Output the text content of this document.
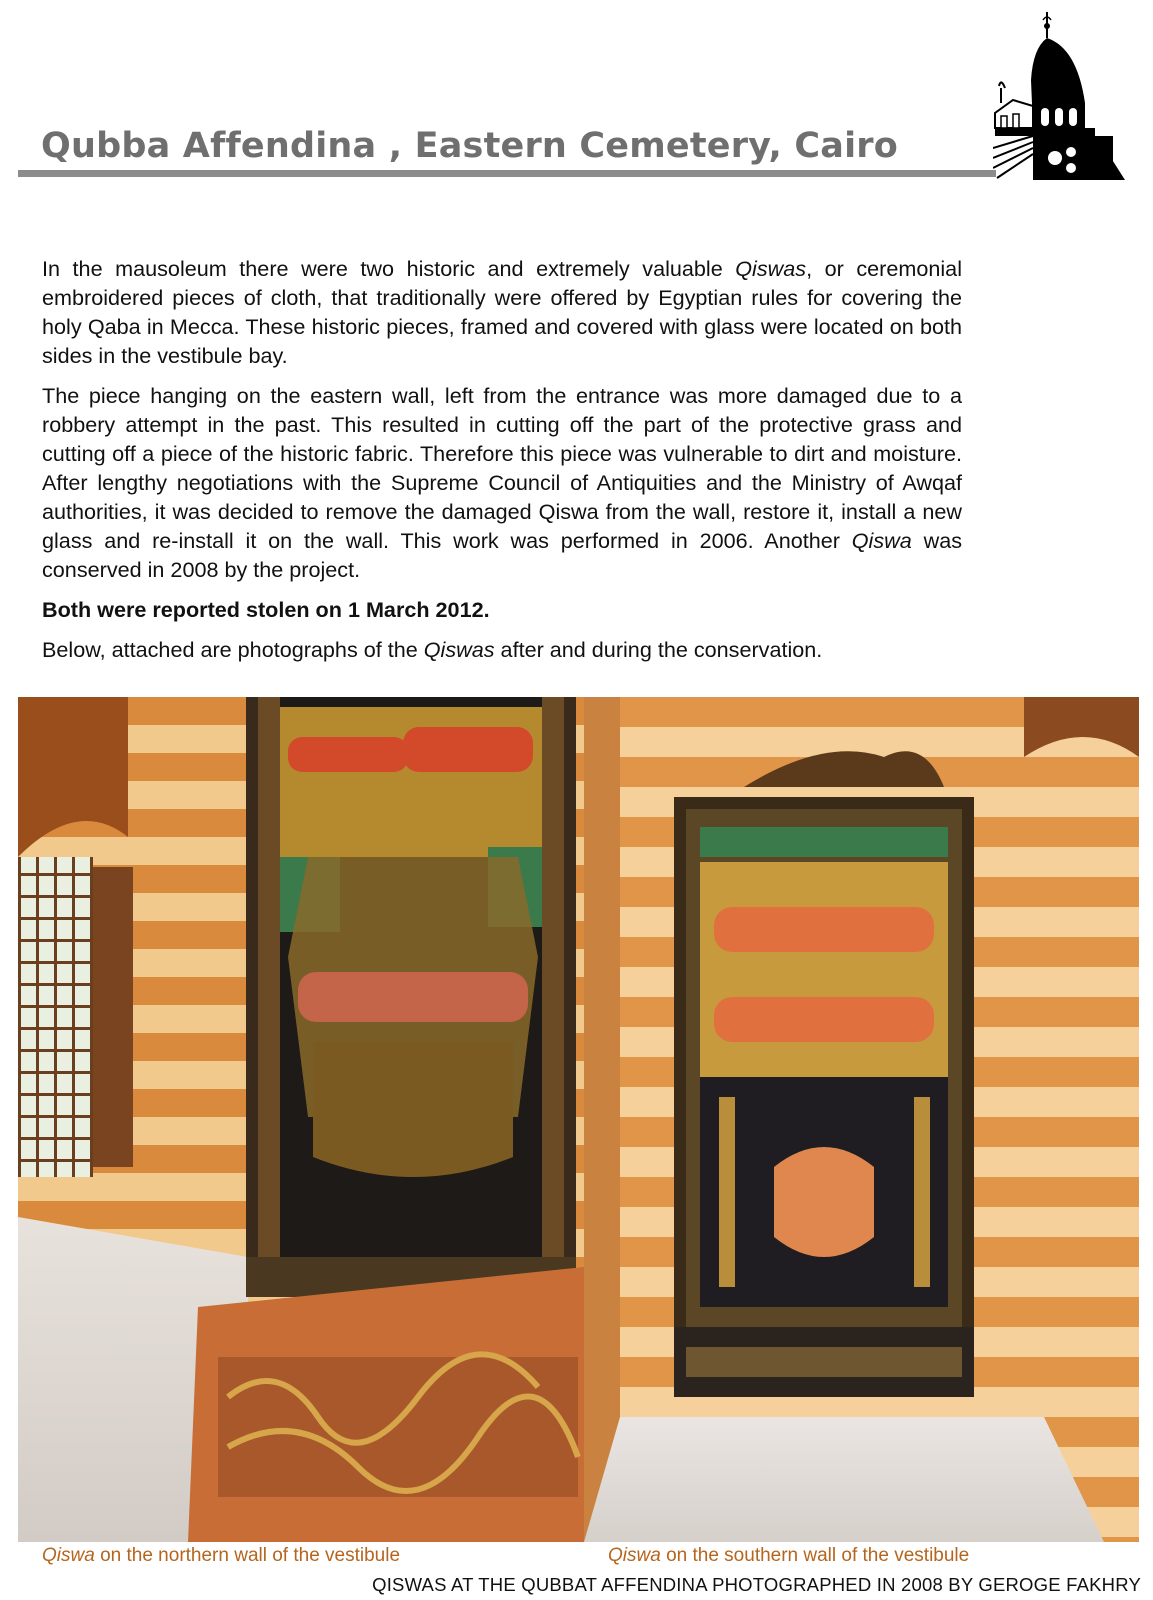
Qubba Affendina , Eastern Cemetery, Cairo

In the mausoleum there were two historic and extremely valuable Qiswas, or ceremonial embroidered pieces of cloth, that traditionally were offered by Egyptian rules for covering the holy Qaba in Mecca. These historic pieces, framed and covered with glass were located on both sides in the vestibule bay.

The piece hanging on the eastern wall, left from the entrance was more damaged due to a robbery attempt in the past. This resulted in cutting off the part of the protective grass and cutting off a piece of the historic fabric. Therefore this piece was vulnerable to dirt and moisture. After lengthy negotiations with the Supreme Council of Antiquities and the Ministry of Awqaf authorities, it was decided to remove the damaged Qiswa from the wall, restore it, install a new glass and re-install it on the wall. This work was performed in 2006. Another Qiswa was conserved in 2008 by the project.

Both were reported stolen on 1 March 2012.

Below, attached are photographs of the Qiswas after and during the conservation.

Qiswa on the northern wall of the vestibule	Qiswa on the southern wall of the vestibule
QISWAS AT THE QUBBAT AFFENDINA PHOTOGRAPHED IN 2008 BY GEROGE FAKHRY
